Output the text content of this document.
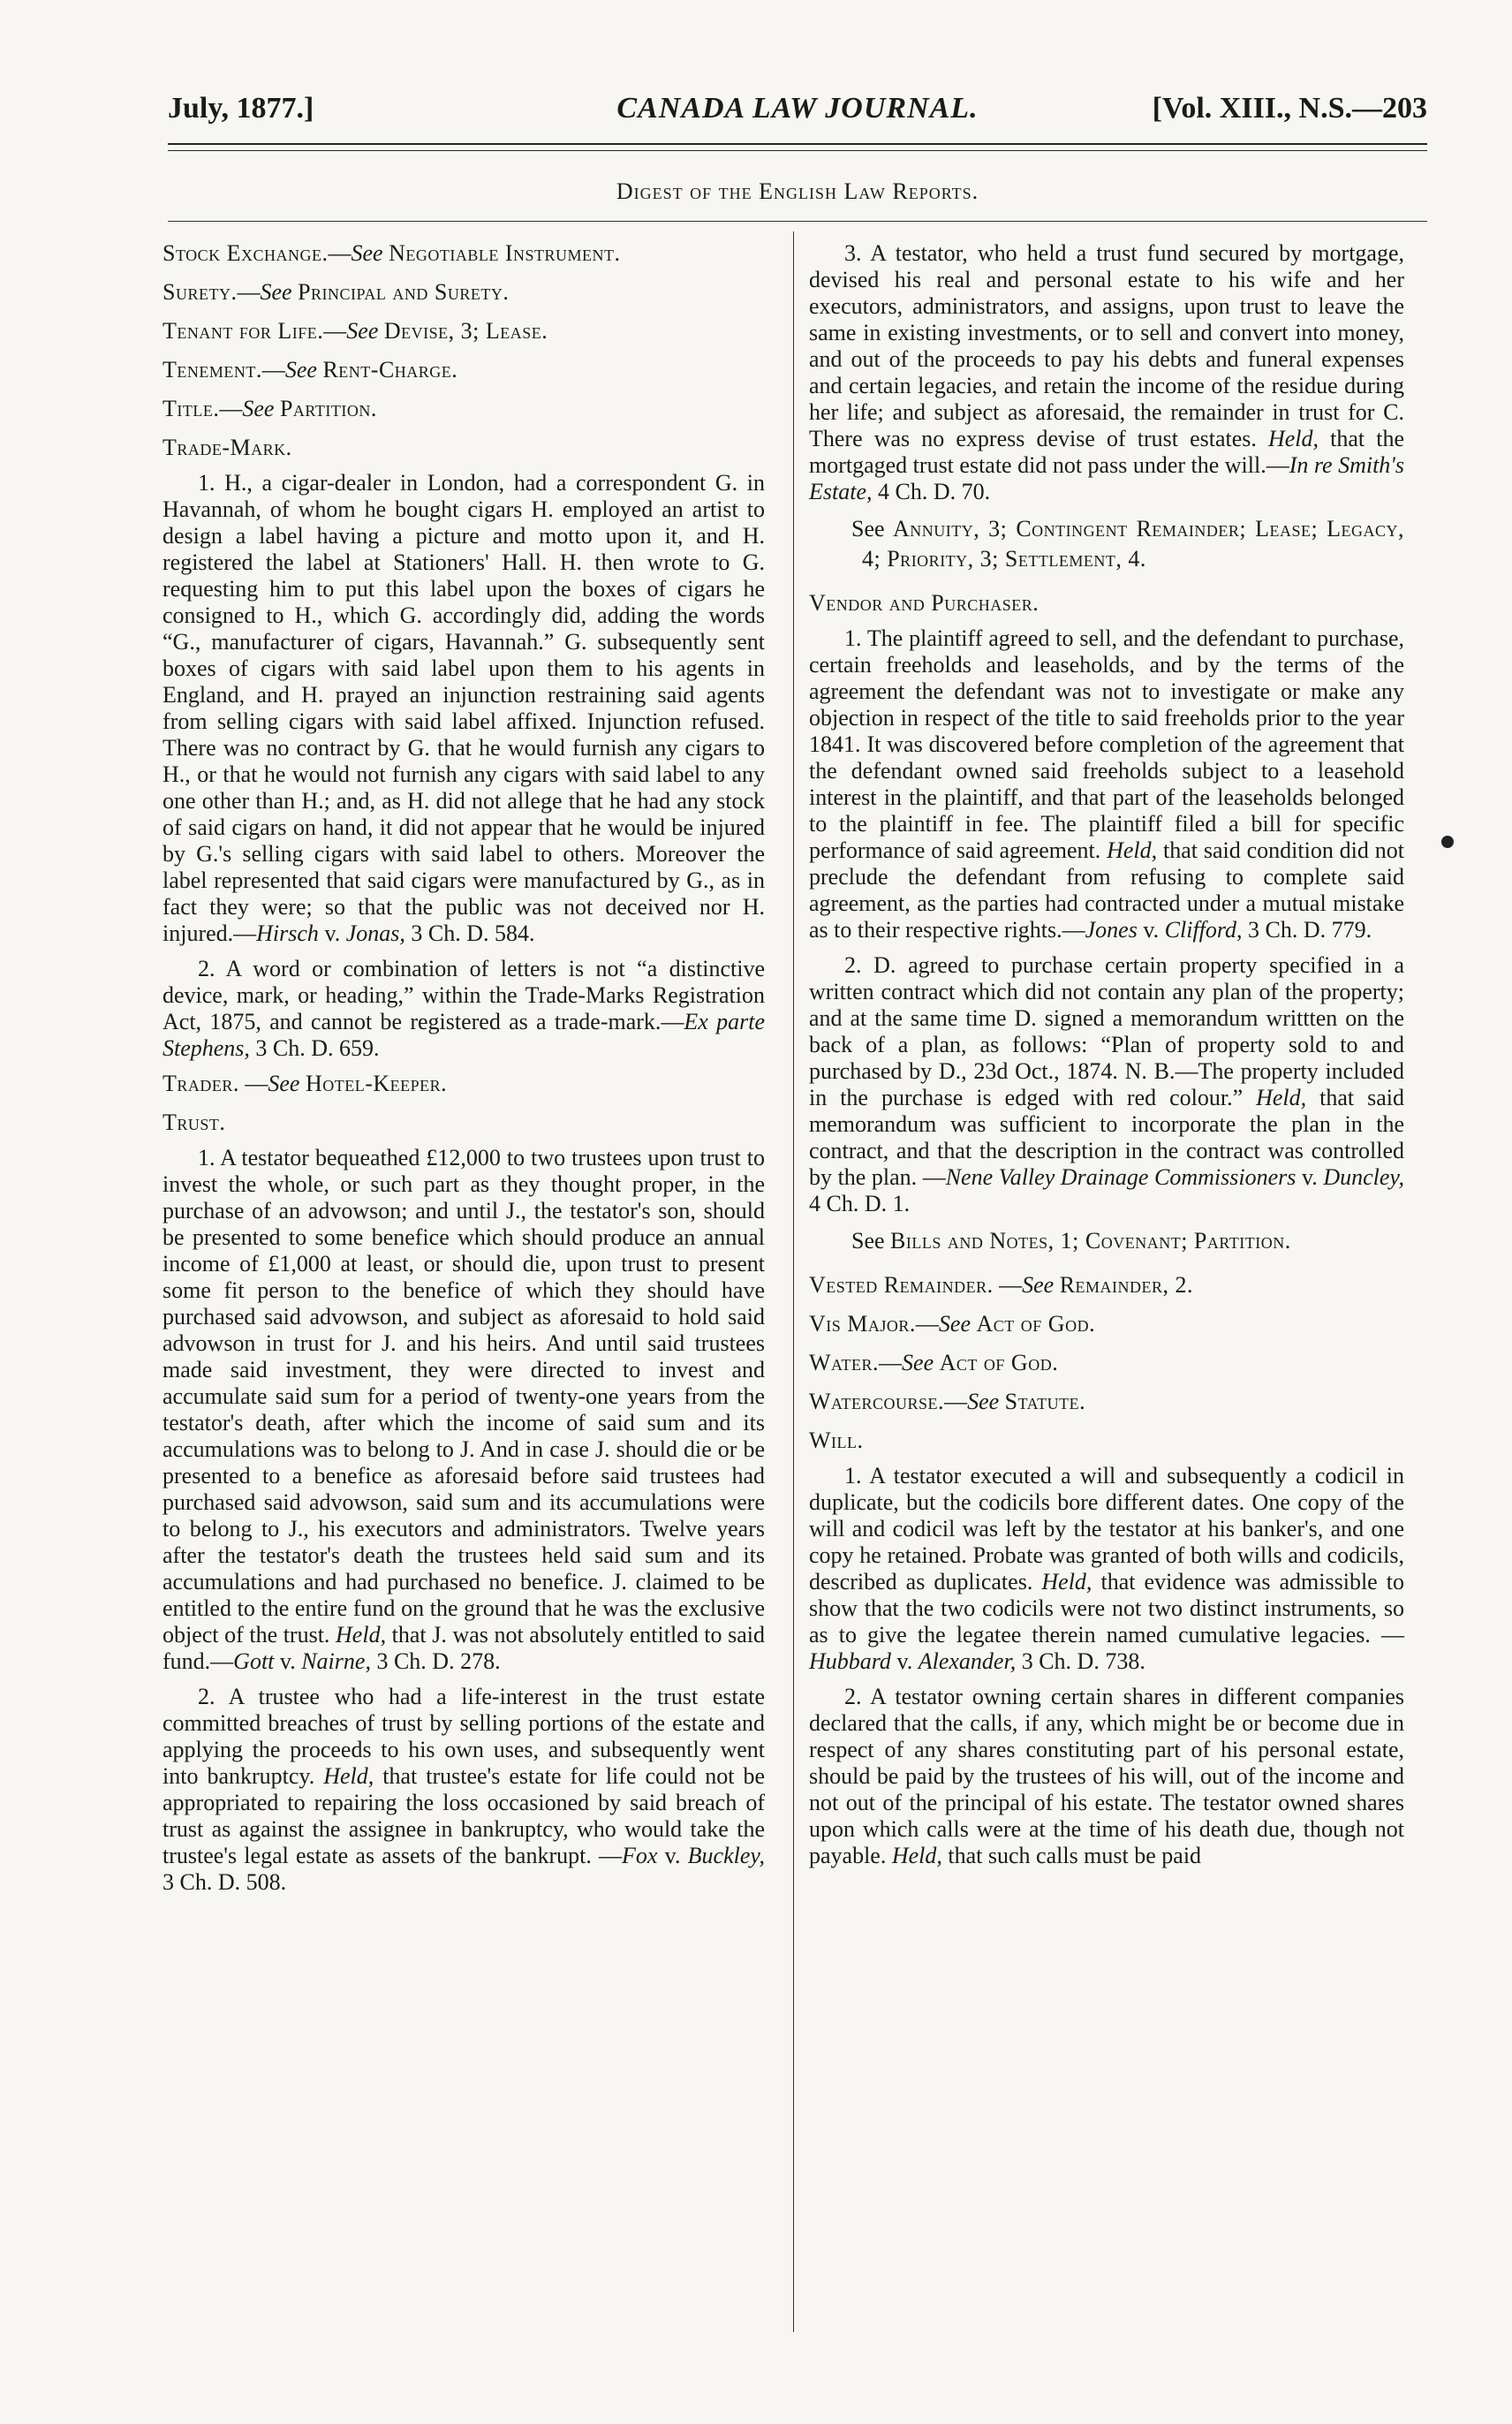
July, 1877.]	CANADA LAW JOURNAL.	[Vol. XIII., N.S.—203
Digest of the English Law Reports.
Stock Exchange.—See Negotiable Instrument.
Surety.—See Principal and Surety.
Tenant for Life.—See Devise, 3; Lease.
Tenement.—See Rent-Charge.
Title.—See Partition.
Trade-Mark.

1. H., a cigar-dealer in London, had a correspondent G. in Havannah, of whom he bought cigars H. employed an artist to design a label having a picture and motto upon it, and H. registered the label at Stationers' Hall. H. then wrote to G. requesting him to put this label upon the boxes of cigars he consigned to H., which G. accordingly did, adding the words “G., manufacturer of cigars, Havannah.” G. subsequently sent boxes of cigars with said label upon them to his agents in England, and H. prayed an injunction restraining said agents from selling cigars with said label affixed. Injunction refused. There was no contract by G. that he would furnish any cigars to H., or that he would not furnish any cigars with said label to any one other than H.; and, as H. did not allege that he had any stock of said cigars on hand, it did not appear that he would be injured by G.'s selling cigars with said label to others. Moreover the label represented that said cigars were manufactured by G., as in fact they were; so that the public was not deceived nor H. injured.—Hirsch v. Jonas, 3 Ch. D. 584.

2. A word or combination of letters is not “a distinctive device, mark, or heading,” within the Trade-Marks Registration Act, 1875, and cannot be registered as a trade-mark.—Ex parte Stephens, 3 Ch. D. 659.

Trader. —See Hotel-Keeper.
Trust.

1. A testator bequeathed £12,000 to two trustees upon trust to invest the whole, or such part as they thought proper, in the purchase of an advowson; and until J., the testator's son, should be presented to some benefice which should produce an annual income of £1,000 at least, or should die, upon trust to present some fit person to the benefice of which they should have purchased said advowson, and subject as aforesaid to hold said advowson in trust for J. and his heirs. And until said trustees made said investment, they were directed to invest and accumulate said sum for a period of twenty-one years from the testator's death, after which the income of said sum and its accumulations was to belong to J. And in case J. should die or be presented to a benefice as aforesaid before said trustees had purchased said advowson, said sum and its accumulations were to belong to J., his executors and administrators. Twelve years after the testator's death the trustees held said sum and its accumulations and had purchased no benefice. J. claimed to be entitled to the entire fund on the ground that he was the exclusive object of the trust. Held, that J. was not absolutely entitled to said fund.—Gott v. Nairne, 3 Ch. D. 278.

2. A trustee who had a life-interest in the trust estate committed breaches of trust by selling portions of the estate and applying the proceeds to his own uses, and subsequently went into bankruptcy. Held, that trustee's estate for life could not be appropriated to repairing the loss occasioned by said breach of trust as against the assignee in bankruptcy, who would take the trustee's legal estate as assets of the bankrupt. —Fox v. Buckley, 3 Ch. D. 508.

3. A testator, who held a trust fund secured by mortgage, devised his real and personal estate to his wife and her executors, administrators, and assigns, upon trust to leave the same in existing investments, or to sell and convert into money, and out of the proceeds to pay his debts and funeral expenses and certain legacies, and retain the income of the residue during her life; and subject as aforesaid, the remainder in trust for C. There was no express devise of trust estates. Held, that the mortgaged trust estate did not pass under the will.—In re Smith's Estate, 4 Ch. D. 70.

See Annuity, 3; Contingent Remainder; Lease; Legacy, 4; Priority, 3; Settlement, 4.
Vendor and Purchaser.

1. The plaintiff agreed to sell, and the defendant to purchase, certain freeholds and leaseholds, and by the terms of the agreement the defendant was not to investigate or make any objection in respect of the title to said freeholds prior to the year 1841. It was discovered before completion of the agreement that the defendant owned said freeholds subject to a leasehold interest in the plaintiff, and that part of the leaseholds belonged to the plaintiff in fee. The plaintiff filed a bill for specific performance of said agreement. Held, that said condition did not preclude the defendant from refusing to complete said agreement, as the parties had contracted under a mutual mistake as to their respective rights.—Jones v. Clifford, 3 Ch. D. 779.

2. D. agreed to purchase certain property specified in a written contract which did not contain any plan of the property; and at the same time D. signed a memorandum writtten on the back of a plan, as follows: “Plan of property sold to and purchased by D., 23d Oct., 1874. N. B.—The property included in the purchase is edged with red colour.” Held, that said memorandum was sufficient to incorporate the plan in the contract, and that the description in the contract was controlled by the plan. —Nene Valley Drainage Commissioners v. Duncley, 4 Ch. D. 1.

See Bills and Notes, 1; Covenant; Partition.
Vested Remainder. —See Remainder, 2.
Vis Major.—See Act of God.
Water.—See Act of God.
Watercourse.—See Statute.
Will.

1. A testator executed a will and subsequently a codicil in duplicate, but the codicils bore different dates. One copy of the will and codicil was left by the testator at his banker's, and one copy he retained. Probate was granted of both wills and codicils, described as duplicates. Held, that evidence was admissible to show that the two codicils were not two distinct instruments, so as to give the legatee therein named cumulative legacies. —Hubbard v. Alexander, 3 Ch. D. 738.

2. A testator owning certain shares in different companies declared that the calls, if any, which might be or become due in respect of any shares constituting part of his personal estate, should be paid by the trustees of his will, out of the income and not out of the principal of his estate. The testator owned shares upon which calls were at the time of his death due, though not payable. Held, that such calls must be paid
